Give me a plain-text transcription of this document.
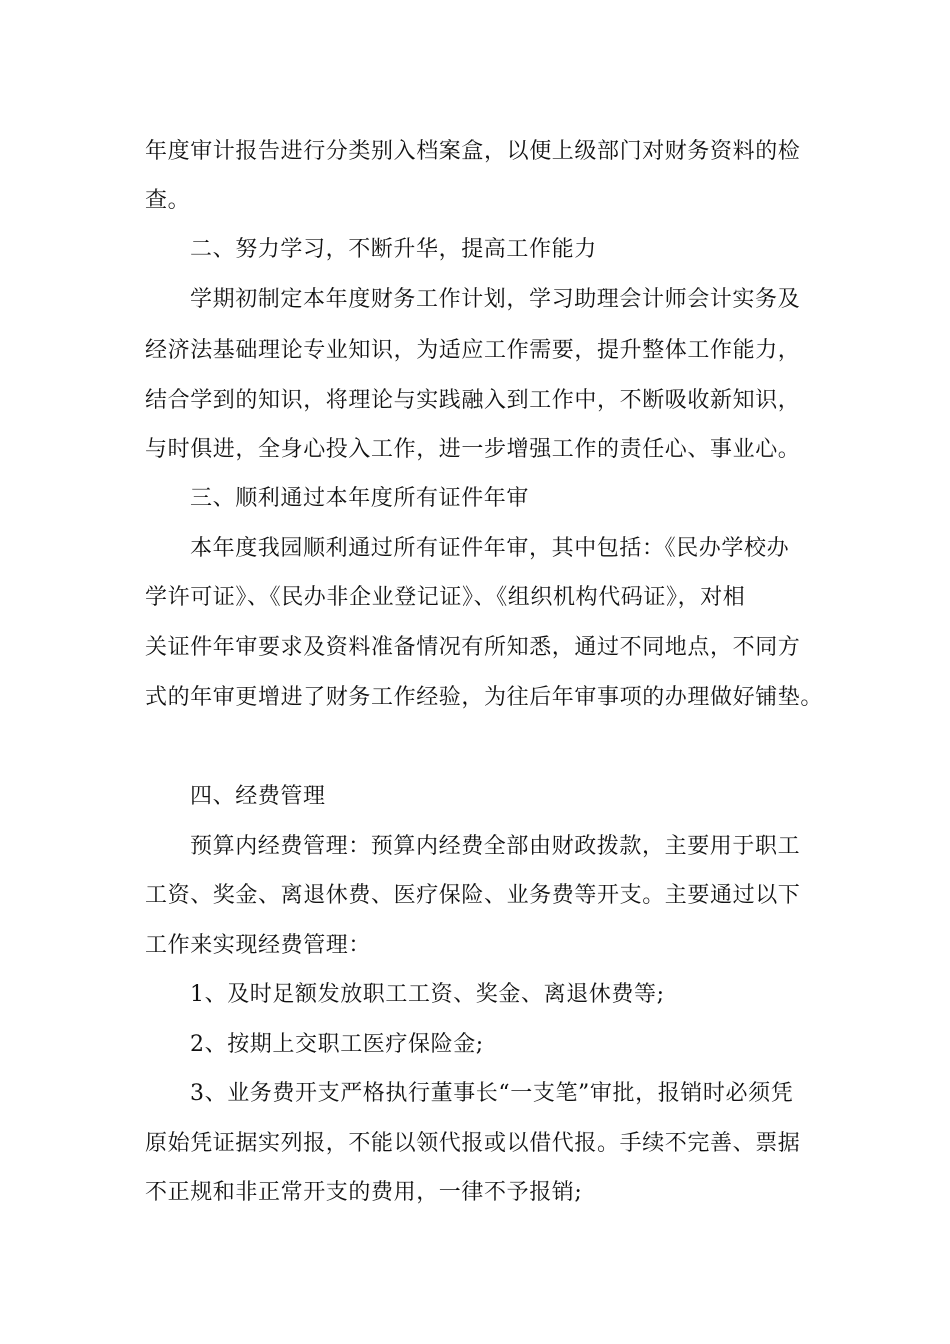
年度审计报告进行分类别入档案盒，以便上级部门对财务资料的检
查。
二、努力学习，不断升华，提高工作能力
学期初制定本年度财务工作计划，学习助理会计师会计实务及
经济法基础理论专业知识，为适应工作需要，提升整体工作能力，
结合学到的知识，将理论与实践融入到工作中，不断吸收新知识，
与时俱进，全身心投入工作，进一步增强工作的责任心、事业心。
三、顺利通过本年度所有证件年审
本年度我园顺利通过所有证件年审，其中包括：《民办学校办
学许可证》、《民办非企业登记证》、《组织机构代码证》，对相
关证件年审要求及资料准备情况有所知悉，通过不同地点，不同方
式的年审更增进了财务工作经验，为往后年审事项的办理做好铺垫。
四、经费管理
预算内经费管理：预算内经费全部由财政拨款，主要用于职工
工资、奖金、离退休费、医疗保险、业务费等开支。主要通过以下
工作来实现经费管理：
1、及时足额发放职工工资、奖金、离退休费等;
2、按期上交职工医疗保险金;
3、业务费开支严格执行董事长“一支笔”审批，报销时必须凭
原始凭证据实列报，不能以领代报或以借代报。手续不完善、票据
不正规和非正常开支的费用，一律不予报销;
